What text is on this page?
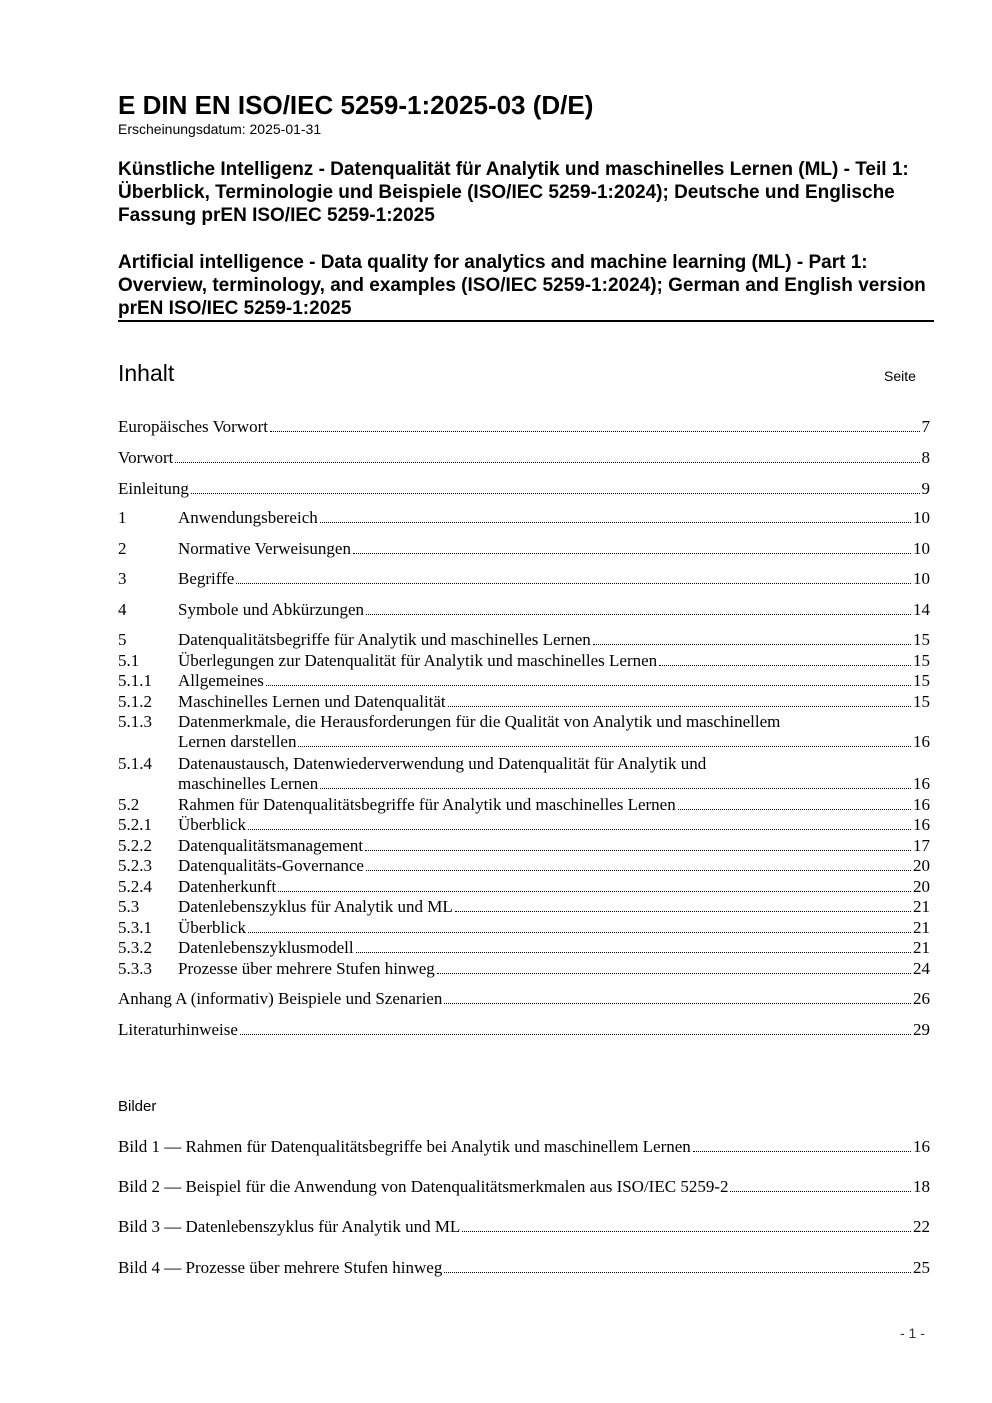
E DIN EN ISO/IEC 5259-1:2025-03 (D/E)
Erscheinungsdatum: 2025-01-31
Künstliche Intelligenz - Datenqualität für Analytik und maschinelles Lernen (ML) - Teil 1: Überblick, Terminologie und Beispiele (ISO/IEC 5259-1:2024); Deutsche und Englische Fassung prEN ISO/IEC 5259-1:2025
Artificial intelligence - Data quality for analytics and machine learning (ML) - Part 1: Overview, terminology, and examples (ISO/IEC 5259-1:2024); German and English version prEN ISO/IEC 5259-1:2025
Inhalt	Seite
Europäisches Vorwort	7
Vorwort	8
Einleitung	9
1	Anwendungsbereich	10
2	Normative Verweisungen	10
3	Begriffe	10
4	Symbole und Abkürzungen	14
5	Datenqualitätsbegriffe für Analytik und maschinelles Lernen	15
5.1	Überlegungen zur Datenqualität für Analytik und maschinelles Lernen	15
5.1.1	Allgemeines	15
5.1.2	Maschinelles Lernen und Datenqualität	15
5.1.3	Datenmerkmale, die Herausforderungen für die Qualität von Analytik und maschinellem
Lernen darstellen	16
5.1.4	Datenaustausch, Datenwiederverwendung und Datenqualität für Analytik und
maschinelles Lernen	16
5.2	Rahmen für Datenqualitätsbegriffe für Analytik und maschinelles Lernen	16
5.2.1	Überblick	16
5.2.2	Datenqualitätsmanagement	17
5.2.3	Datenqualitäts-Governance	20
5.2.4	Datenherkunft	20
5.3	Datenlebenszyklus für Analytik und ML	21
5.3.1	Überblick	21
5.3.2	Datenlebenszyklusmodell	21
5.3.3	Prozesse über mehrere Stufen hinweg	24
Anhang A (informativ) Beispiele und Szenarien	26
Literaturhinweise	29
Bilder
Bild 1 — Rahmen für Datenqualitätsbegriffe bei Analytik und maschinellem Lernen	16
Bild 2 — Beispiel für die Anwendung von Datenqualitätsmerkmalen aus ISO/IEC 5259-2	18
Bild 3 — Datenlebenszyklus für Analytik und ML	22
Bild 4 — Prozesse über mehrere Stufen hinweg	25
- 1 -
